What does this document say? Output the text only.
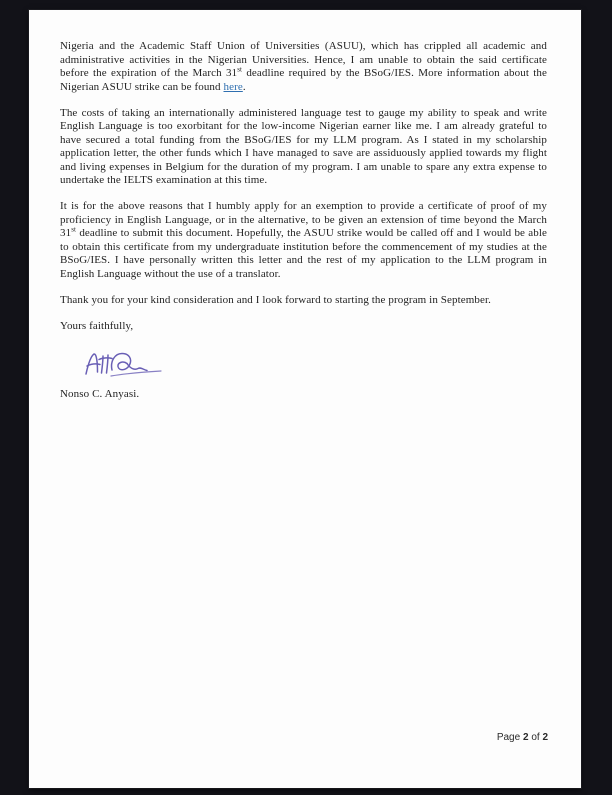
Nigeria and the Academic Staff Union of Universities (ASUU), which has crippled all academic and administrative activities in the Nigerian Universities. Hence, I am unable to obtain the said certificate before the expiration of the March 31st deadline required by the BSoG/IES. More information about the Nigerian ASUU strike can be found here.

The costs of taking an internationally administered language test to gauge my ability to speak and write English Language is too exorbitant for the low-income Nigerian earner like me. I am already grateful to have secured a total funding from the BSoG/IES for my LLM program. As I stated in my scholarship application letter, the other funds which I have managed to save are assiduously applied towards my flight and living expenses in Belgium for the duration of my program. I am unable to spare any extra expense to undertake the IELTS examination at this time.

It is for the above reasons that I humbly apply for an exemption to provide a certificate of proof of my proficiency in English Language, or in the alternative, to be given an extension of time beyond the March 31st deadline to submit this document. Hopefully, the ASUU strike would be called off and I would be able to obtain this certificate from my undergraduate institution before the commencement of my studies at the BSoG/IES. I have personally written this letter and the rest of my application to the LLM program in English Language without the use of a translator.

Thank you for your kind consideration and I look forward to starting the program in September.

Yours faithfully,

Nonso C. Anyasi.

Page 2 of 2
